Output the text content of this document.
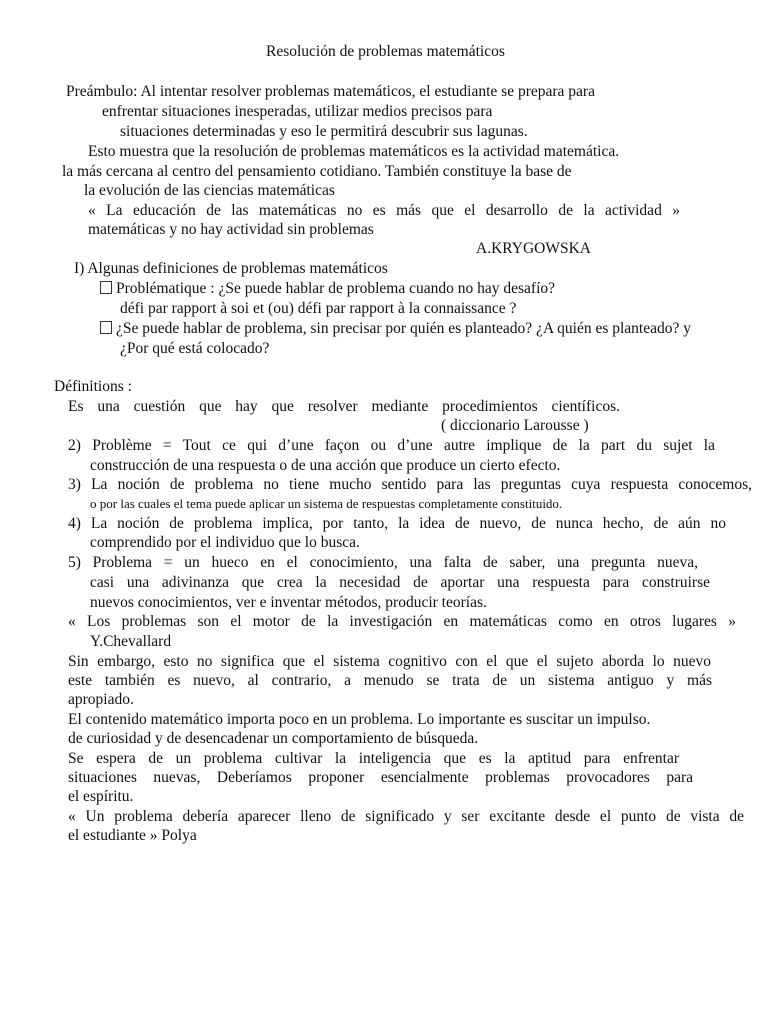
Resolución de problemas matemáticos
Preámbulo: Al intentar resolver problemas matemáticos, el estudiante se prepara para
enfrentar situaciones inesperadas, utilizar medios precisos para
situaciones determinadas y eso le permitirá descubrir sus lagunas.
Esto muestra que la resolución de problemas matemáticos es la actividad matemática.
la más cercana al centro del pensamiento cotidiano. También constituye la base de
la evolución de las ciencias matemáticas
« La educación de las matemáticas no es más que el desarrollo de la actividad »
matemáticas y no hay actividad sin problemas
A.KRYGOWSKA
I) Algunas definiciones de problemas matemáticos
Problématique : ¿Se puede hablar de problema cuando no hay desafío?
défi par rapport à soi et (ou) défi par rapport à la connaissance ?
¿Se puede hablar de problema, sin precisar por quién es planteado? ¿A quién es planteado? y
¿Por qué está colocado?
Définitions :
Es una cuestión que hay que resolver mediante procedimientos científicos.
( diccionario Larousse )
2) Problème = Tout ce qui d’une façon ou d’une autre implique de la part du sujet la
construcción de una respuesta o de una acción que produce un cierto efecto.
3) La noción de problema no tiene mucho sentido para las preguntas cuya respuesta conocemos,
o por las cuales el tema puede aplicar un sistema de respuestas completamente constituido.
4) La noción de problema implica, por tanto, la idea de nuevo, de nunca hecho, de aún no
comprendido por el individuo que lo busca.
5) Problema = un hueco en el conocimiento, una falta de saber, una pregunta nueva,
casi una adivinanza que crea la necesidad de aportar una respuesta para construirse
nuevos conocimientos, ver e inventar métodos, producir teorías.
« Los problemas son el motor de la investigación en matemáticas como en otros lugares »
Y.Chevallard
Sin embargo, esto no significa que el sistema cognitivo con el que el sujeto aborda lo nuevo
este también es nuevo, al contrario, a menudo se trata de un sistema antiguo y más
apropiado.
El contenido matemático importa poco en un problema. Lo importante es suscitar un impulso.
de curiosidad y de desencadenar un comportamiento de búsqueda.
Se espera de un problema cultivar la inteligencia que es la aptitud para enfrentar
situaciones nuevas, Deberíamos proponer esencialmente problemas provocadores para
el espíritu.
« Un problema debería aparecer lleno de significado y ser excitante desde el punto de vista de
el estudiante » Polya
